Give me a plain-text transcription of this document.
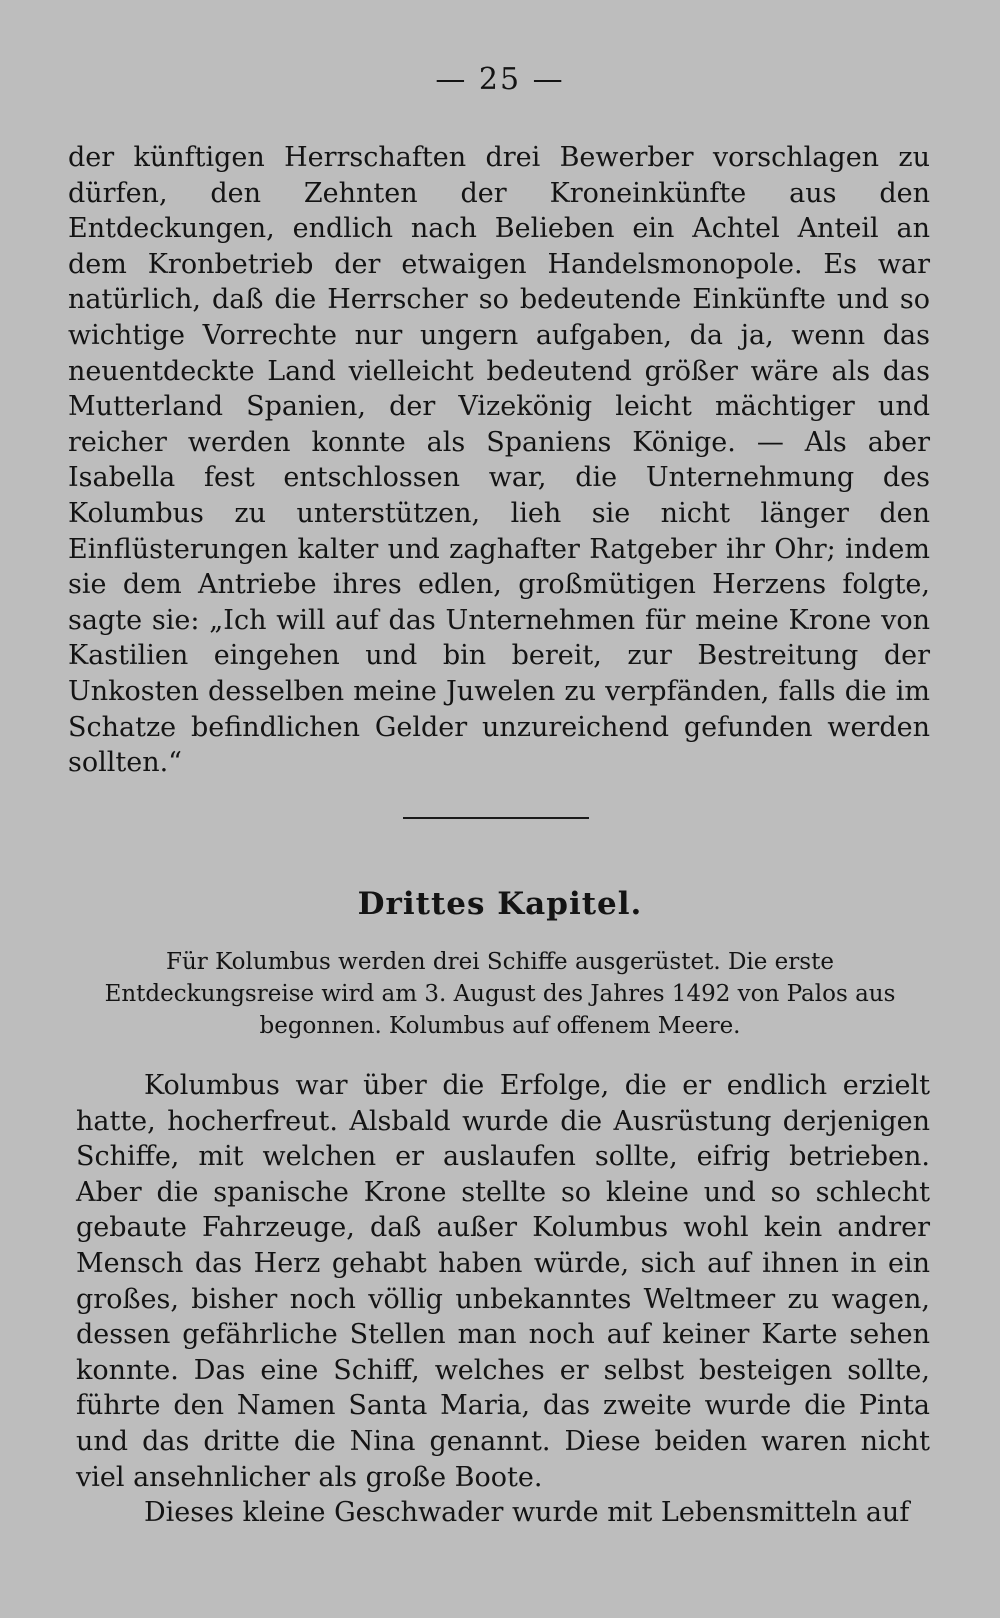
— 25 —

der künftigen Herrschaften drei Bewerber vorschlagen zu dürfen, den Zehnten der Kroneinkünfte aus den Entdeckungen, endlich nach Belieben ein Achtel Anteil an dem Kronbetrieb der etwaigen Handelsmonopole. Es war natürlich, daß die Herrscher so bedeutende Einkünfte und so wichtige Vorrechte nur ungern aufgaben, da ja, wenn das neuentdeckte Land vielleicht bedeutend größer wäre als das Mutterland Spanien, der Vizekönig leicht mächtiger und reicher werden konnte als Spaniens Könige. — Als aber Isabella fest entschlossen war, die Unternehmung des Kolumbus zu unterstützen, lieh sie nicht länger den Einflüsterungen kalter und zaghafter Ratgeber ihr Ohr; indem sie dem Antriebe ihres edlen, großmütigen Herzens folgte, sagte sie: „Ich will auf das Unternehmen für meine Krone von Kastilien eingehen und bin bereit, zur Bestreitung der Unkosten desselben meine Juwelen zu verpfänden, falls die im Schatze befindlichen Gelder unzureichend gefunden werden sollten.“

Drittes Kapitel.

Für Kolumbus werden drei Schiffe ausgerüstet. Die erste Entdeckungsreise wird am 3. August des Jahres 1492 von Palos aus begonnen. Kolumbus auf offenem Meere.

Kolumbus war über die Erfolge, die er endlich erzielt hatte, hocherfreut. Alsbald wurde die Ausrüstung derjenigen Schiffe, mit welchen er auslaufen sollte, eifrig betrieben. Aber die spanische Krone stellte so kleine und so schlecht gebaute Fahrzeuge, daß außer Kolumbus wohl kein andrer Mensch das Herz gehabt haben würde, sich auf ihnen in ein großes, bisher noch völlig unbekanntes Weltmeer zu wagen, dessen gefährliche Stellen man noch auf keiner Karte sehen konnte. Das eine Schiff, welches er selbst besteigen sollte, führte den Namen Santa Maria, das zweite wurde die Pinta und das dritte die Nina genannt. Diese beiden waren nicht viel ansehnlicher als große Boote.

Dieses kleine Geschwader wurde mit Lebensmitteln auf
